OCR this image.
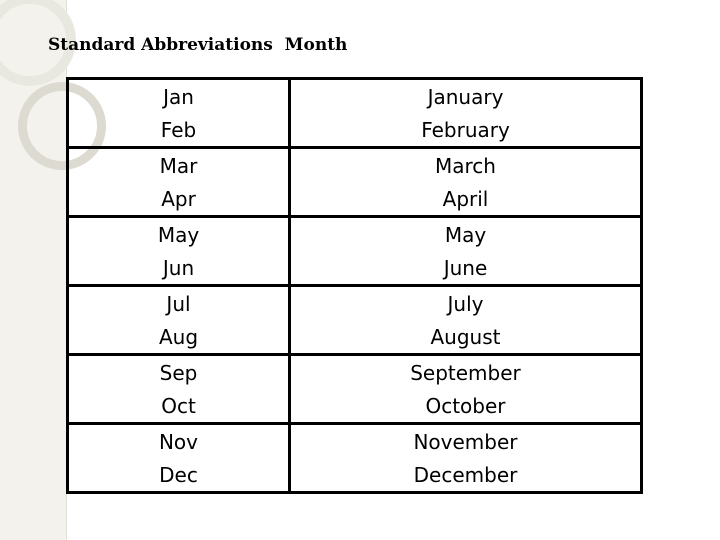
Standard Abbreviations  Month
Jan	January
Feb	February
Mar	March
Apr	April
May	May
Jun	June
Jul	July
Aug	August
Sep	September
Oct	October
Nov	November
Dec	December
